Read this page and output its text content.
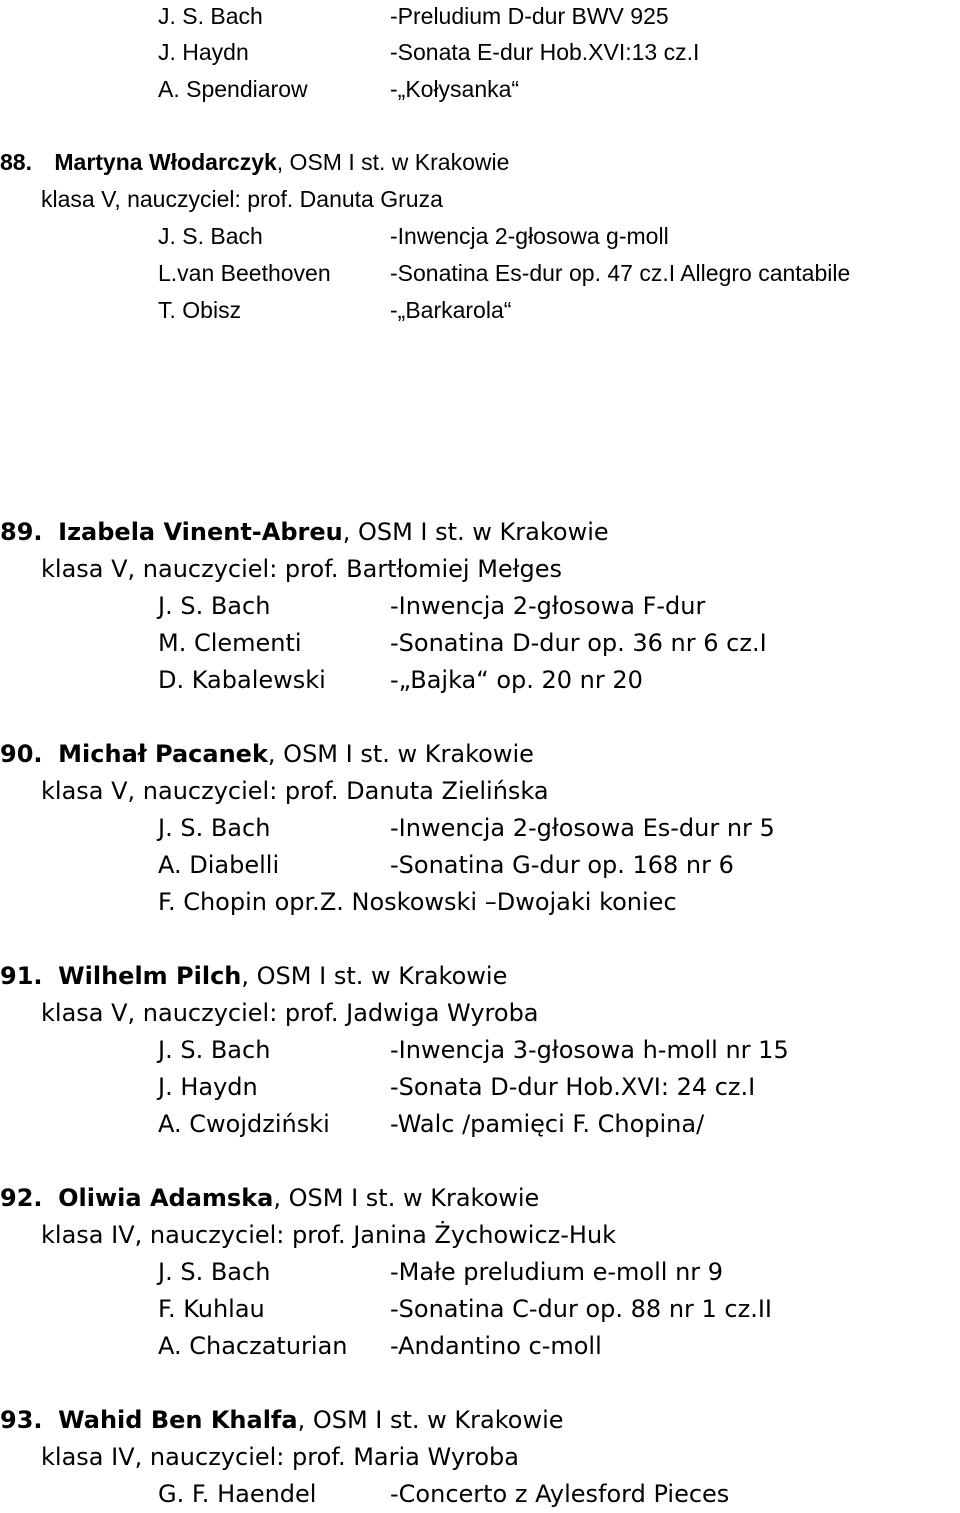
J. S. Bach	-Preludium D-dur BWV 925
J. Haydn	-Sonata E-dur Hob.XVI:13 cz.I
A. Spendiarow	-„Kołysanka“
88. Martyna Włodarczyk, OSM I st. w Krakowie
klasa V, nauczyciel: prof. Danuta Gruza
J. S. Bach	-Inwencja 2-głosowa g-moll
L.van Beethoven	-Sonatina Es-dur op. 47 cz.I Allegro cantabile
T. Obisz	-„Barkarola“
89. Izabela Vinent-Abreu, OSM I st. w Krakowie
klasa V, nauczyciel: prof. Bartłomiej Mełges
J. S. Bach	-Inwencja 2-głosowa F-dur
M. Clementi	-Sonatina D-dur op. 36 nr 6 cz.I
D. Kabalewski	-„Bajka“ op. 20 nr 20
90. Michał Pacanek, OSM I st. w Krakowie
klasa V, nauczyciel: prof. Danuta Zielińska
J. S. Bach	-Inwencja 2-głosowa Es-dur nr 5
A. Diabelli	-Sonatina G-dur op. 168 nr 6
F. Chopin opr.Z. Noskowski –Dwojaki koniec
91. Wilhelm Pilch, OSM I st. w Krakowie
klasa V, nauczyciel: prof. Jadwiga Wyroba
J. S. Bach	-Inwencja 3-głosowa h-moll nr 15
J. Haydn	-Sonata D-dur Hob.XVI: 24 cz.I
A. Cwojdziński	-Walc /pamięci F. Chopina/
92. Oliwia Adamska, OSM I st. w Krakowie
klasa IV, nauczyciel: prof. Janina Żychowicz-Huk
J. S. Bach	-Małe preludium e-moll nr 9
F. Kuhlau	-Sonatina C-dur op. 88 nr 1 cz.II
A. Chaczaturian -Andantino c-moll
93. Wahid Ben Khalfa, OSM I st. w Krakowie
klasa IV, nauczyciel: prof. Maria Wyroba
G. F. Haendel	-Concerto z Aylesford Pieces
